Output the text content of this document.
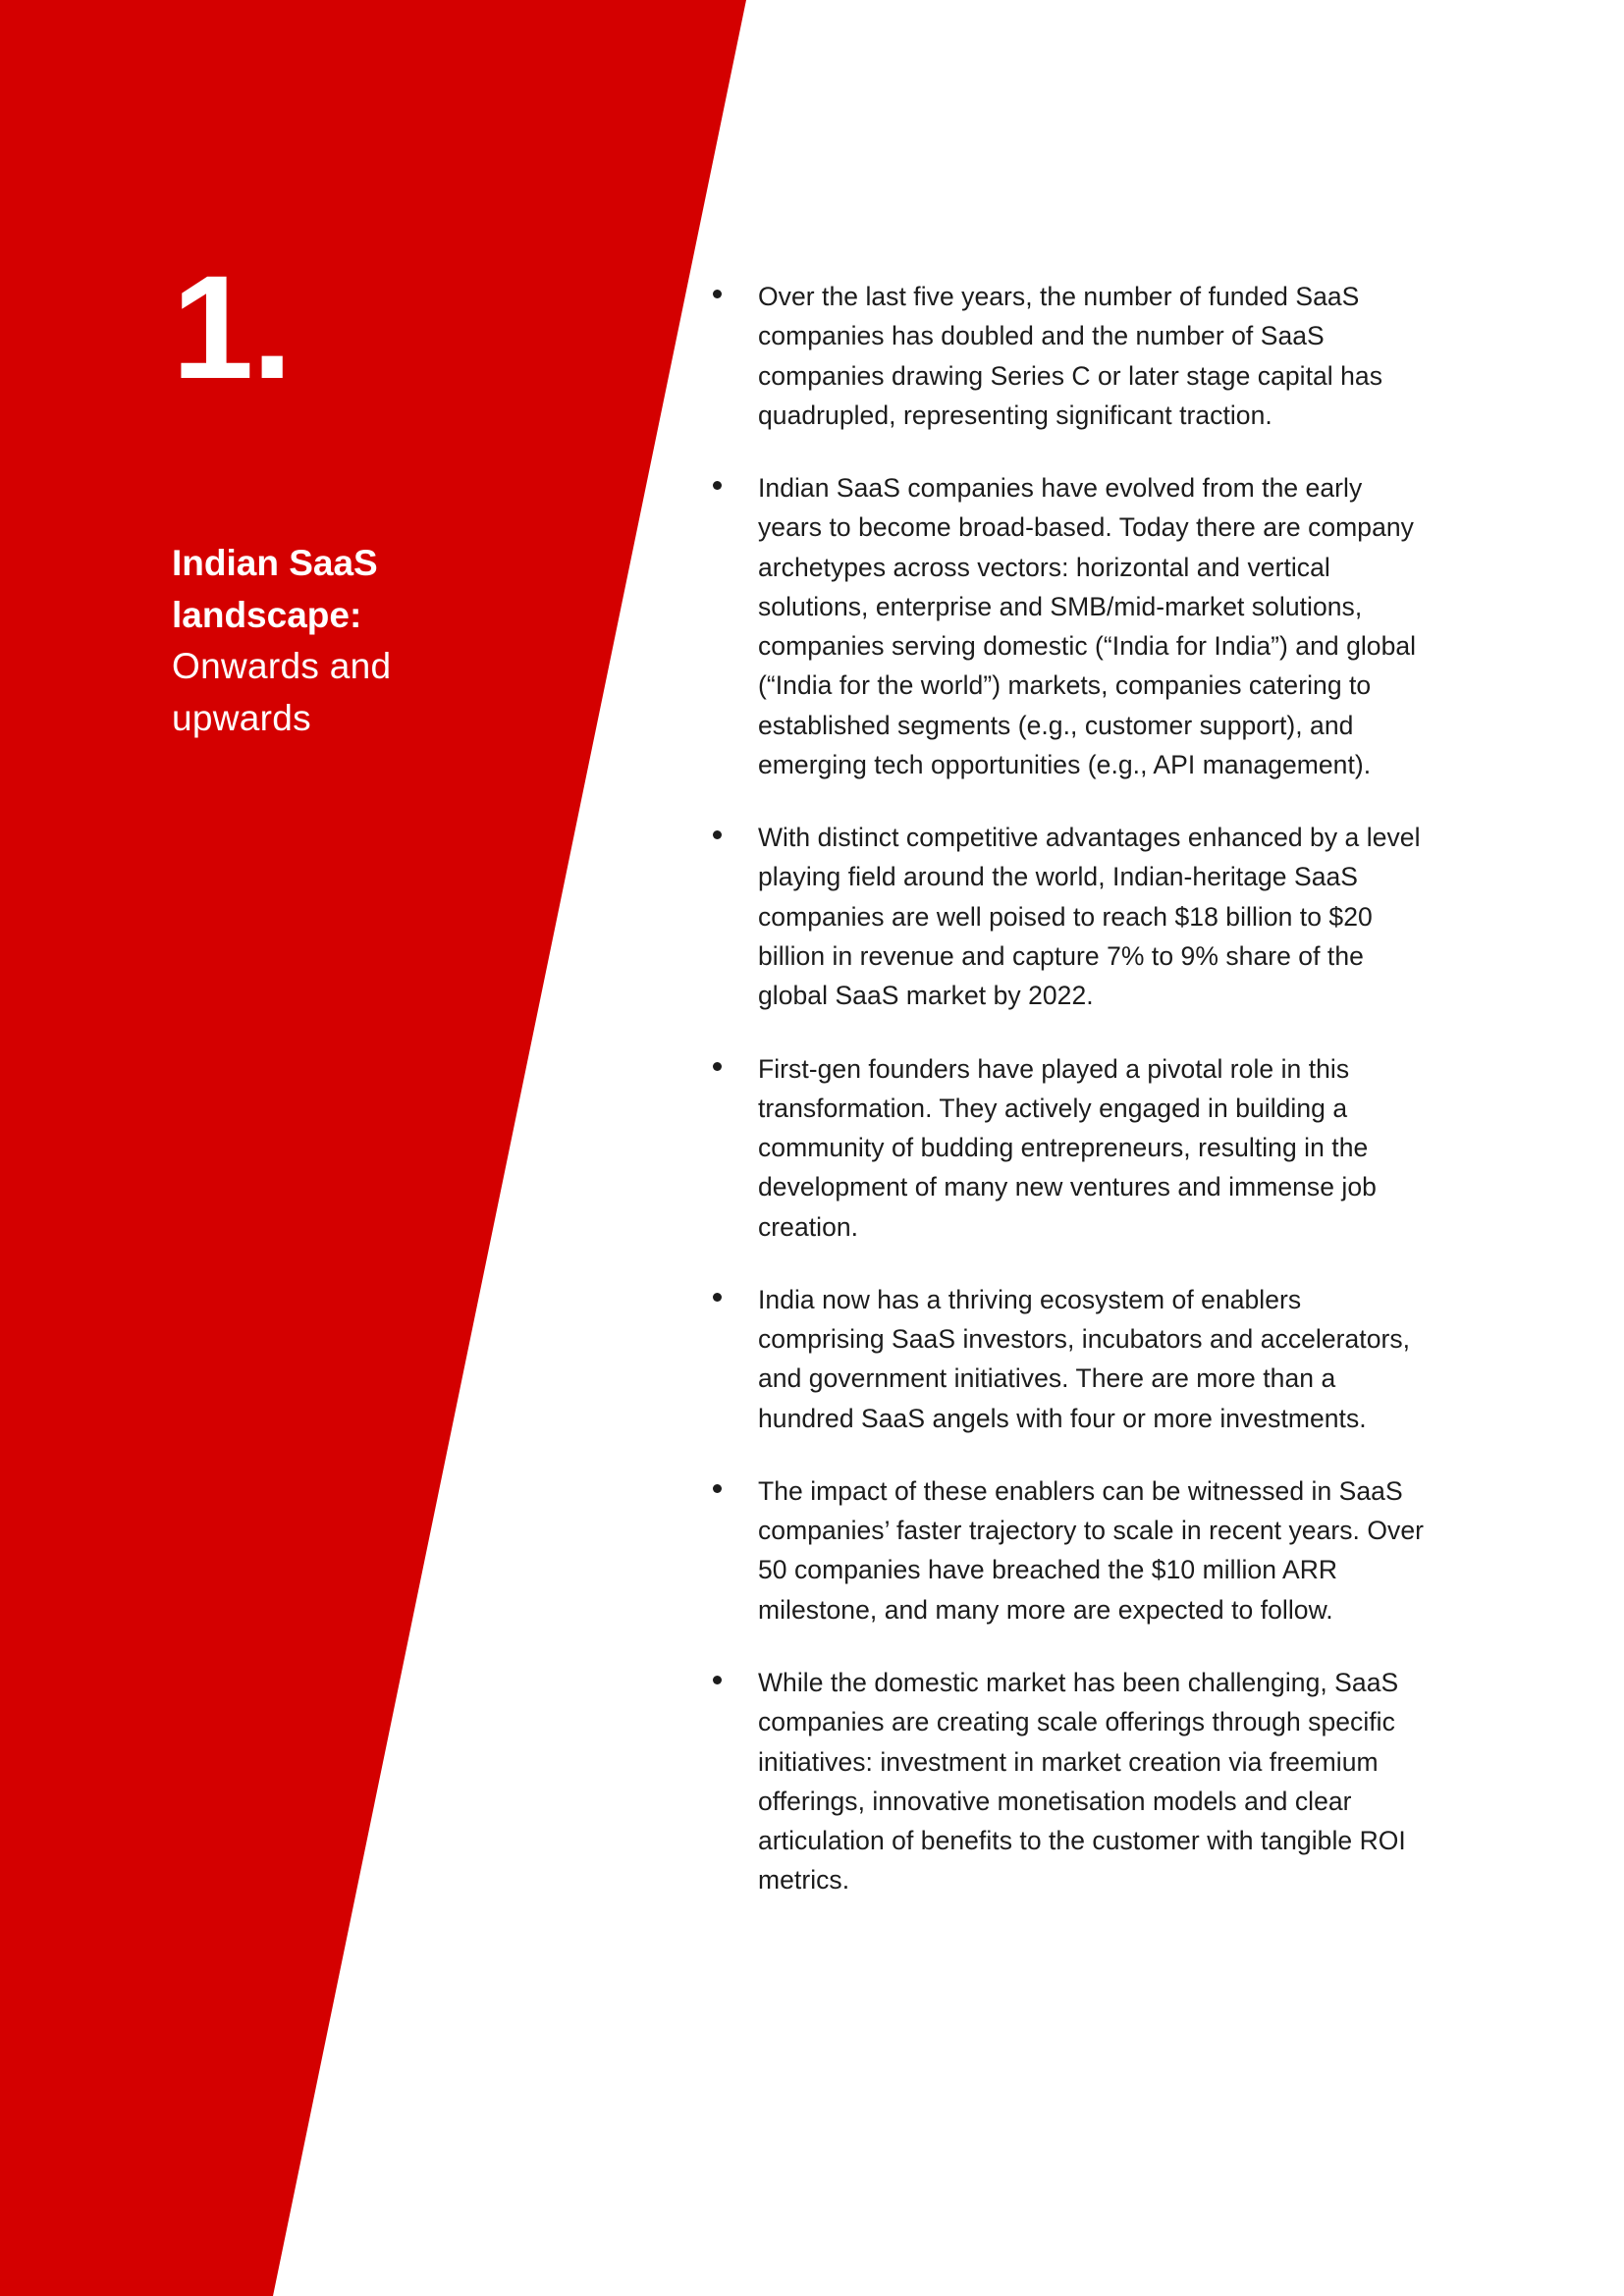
1.
Indian SaaS
landscape:
Onwards and
upwards
Over the last five years, the number of funded SaaS companies has doubled and the number of SaaS companies drawing Series C or later stage capital has quadrupled, representing significant traction.
Indian SaaS companies have evolved from the early years to become broad-based. Today there are company archetypes across vectors: horizontal and vertical solutions, enterprise and SMB/mid-market solutions, companies serving domestic (“India for India”) and global (“India for the world”) markets, companies catering to established segments (e.g., customer support), and emerging tech opportunities (e.g., API management).
With distinct competitive advantages enhanced by a level playing field around the world, Indian-heritage SaaS companies are well poised to reach $18 billion to $20 billion in revenue and capture 7% to 9% share of the global SaaS market by 2022.
First-gen founders have played a pivotal role in this transformation. They actively engaged in building a community of budding entrepreneurs, resulting in the development of many new ventures and immense job creation.
India now has a thriving ecosystem of enablers comprising SaaS investors, incubators and accelerators, and government initiatives. There are more than a hundred SaaS angels with four or more investments.
The impact of these enablers can be witnessed in SaaS companies’ faster trajectory to scale in recent years. Over 50 companies have breached the $10 million ARR milestone, and many more are expected to follow.
While the domestic market has been challenging, SaaS companies are creating scale offerings through specific initiatives: investment in market creation via freemium offerings, innovative monetisation models and clear articulation of benefits to the customer with tangible ROI metrics.
